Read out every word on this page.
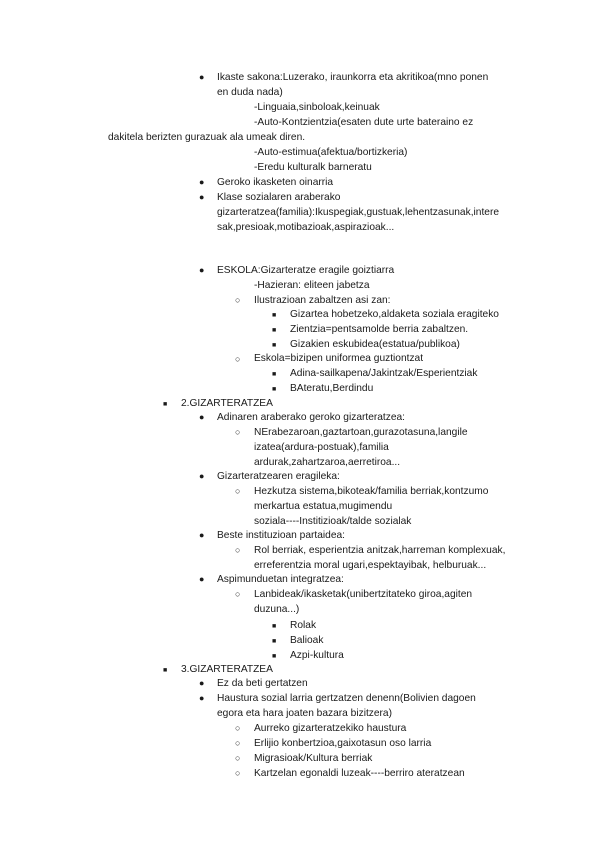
● Ikaste sakona:Luzerako, iraunkorra eta akritikoa(mno ponen
en duda nada)
-Linguaia,sinboloak,keinuak
-Auto-Kontzientzia(esaten dute urte bateraino ez
dakitela berizten gurazuak ala umeak diren.
-Auto-estimua(afektua/bortizkeria)
-Eredu kulturalk barneratu
● Geroko ikasketen oinarria
● Klase sozialaren araberako
gizarteratzea(familia):Ikuspegiak,gustuak,lehentzasunak,intere
sak,presioak,motibazioak,aspirazioak...
● ESKOLA:Gizarteratze eragile goiztiarra
-Hazieran: eliteen jabetza
○ Ilustrazioan zabaltzen asi zan:
■ Gizartea hobetzeko,aldaketa soziala eragiteko
■ Zientzia=pentsamolde berria zabaltzen.
■ Gizakien eskubidea(estatua/publikoa)
○ Eskola=bizipen uniformea guztiontzat
■ Adina-sailkapena/Jakintzak/Esperientziak
■ BAteratu,Berdindu
■ 2.GIZARTERATZEA
● Adinaren araberako geroko gizarteratzea:
○ NErabezaroan,gaztartoan,gurazotasuna,langile
izatea(ardura-postuak),familia
ardurak,zahartzaroa,aerretiroa...
● Gizarteratzearen eragileka:
○ Hezkutza sistema,bikoteak/familia berriak,kontzumo
merkartua estatua,mugimendu
soziala----Institizioak/talde sozialak
● Beste instituzioan partaidea:
○ Rol berriak, esperientzia anitzak,harreman komplexuak,
erreferentzia moral ugari,espektayibak, helburuak...
● Aspimunduetan integratzea:
○ Lanbideak/ikasketak(unibertzitateko giroa,agiten
duzuna...)
■ Rolak
■ Balioak
■ Azpi-kultura
■ 3.GIZARTERATZEA
● Ez da beti gertatzen
● Haustura sozial larria gertzatzen denenn(Bolivien dagoen
egora eta hara joaten bazara bizitzera)
○ Aurreko gizarteratzekiko haustura
○ Erlijio konbertzioa,gaixotasun oso larria
○ Migrasioak/Kultura berriak
○ Kartzelan egonaldi luzeak----berriro ateratzean
